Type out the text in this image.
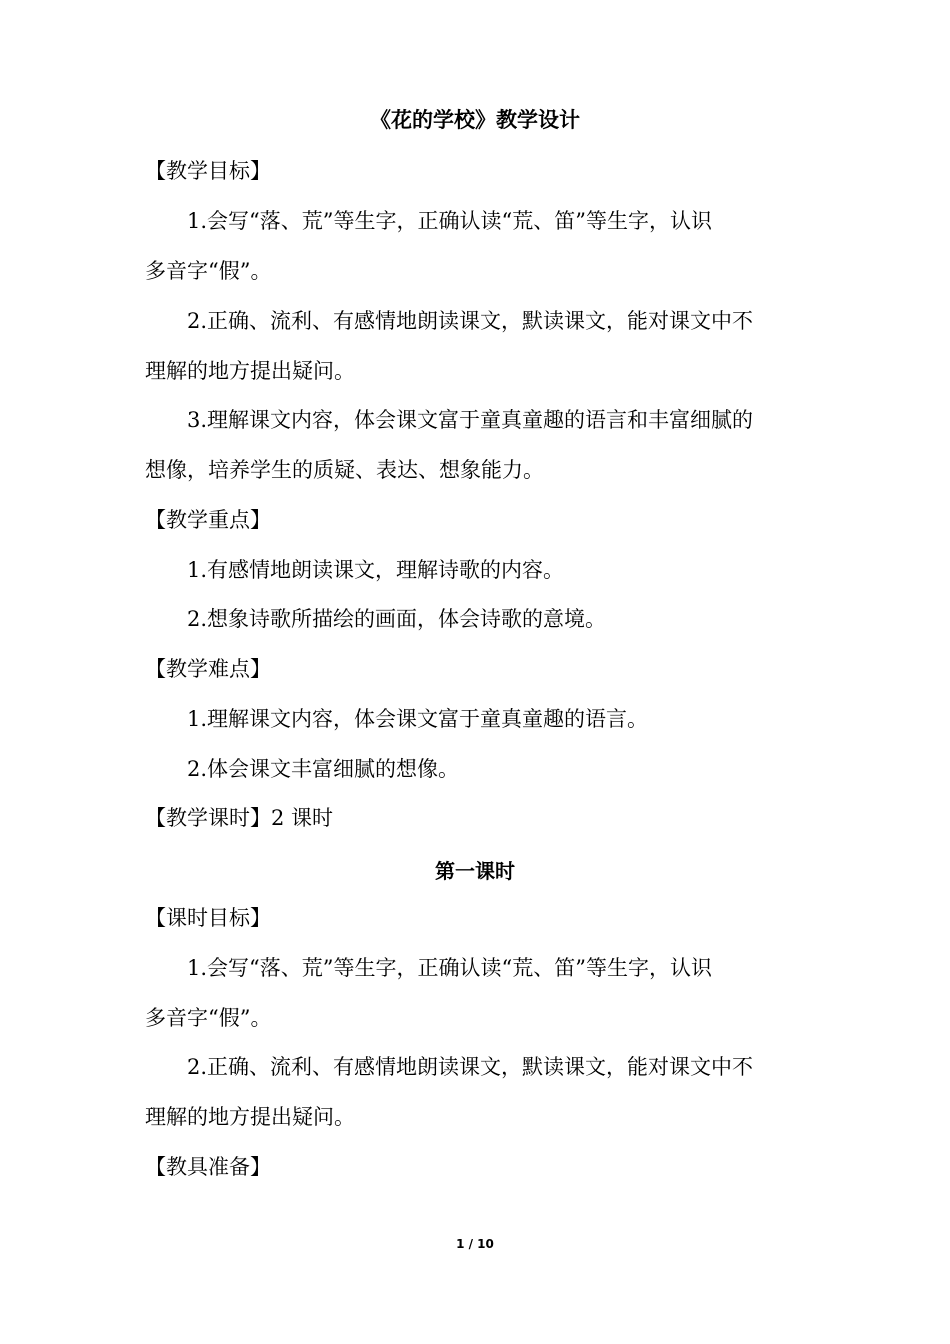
《花的学校》教学设计
【教学目标】
1.会写“落、荒”等生字，正确认读“荒、笛”等生字，认识
多音字“假”。
2.正确、流利、有感情地朗读课文，默读课文，能对课文中不
理解的地方提出疑问。
3.理解课文内容，体会课文富于童真童趣的语言和丰富细腻的
想像，培养学生的质疑、表达、想象能力。
【教学重点】
1.有感情地朗读课文，理解诗歌的内容。
2.想象诗歌所描绘的画面，体会诗歌的意境。
【教学难点】
1.理解课文内容，体会课文富于童真童趣的语言。
2.体会课文丰富细腻的想像。
【教学课时】2 课时
第一课时
【课时目标】
1.会写“落、荒”等生字，正确认读“荒、笛”等生字，认识
多音字“假”。
2.正确、流利、有感情地朗读课文，默读课文，能对课文中不
理解的地方提出疑问。
【教具准备】
1 / 10
